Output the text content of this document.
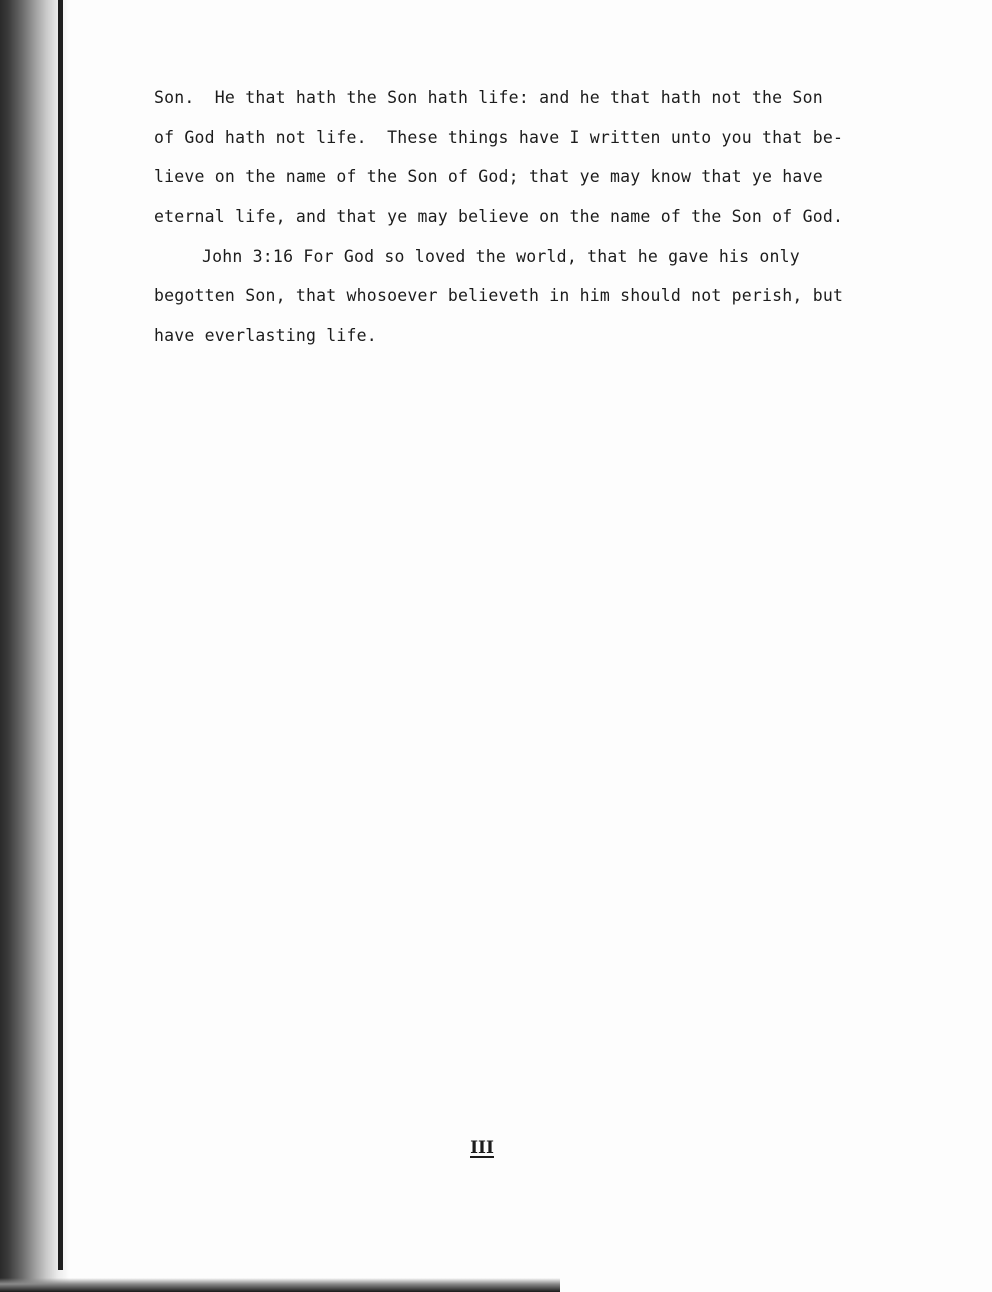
Son.  He that hath the Son hath life: and he that hath not the Son
of God hath not life.  These things have I written unto you that be-
lieve on the name of the Son of God; that ye may know that ye have
eternal life, and that ye may believe on the name of the Son of God.
John 3:16 For God so loved the world, that he gave his only
begotten Son, that whosoever believeth in him should not perish, but
have everlasting life.
III
